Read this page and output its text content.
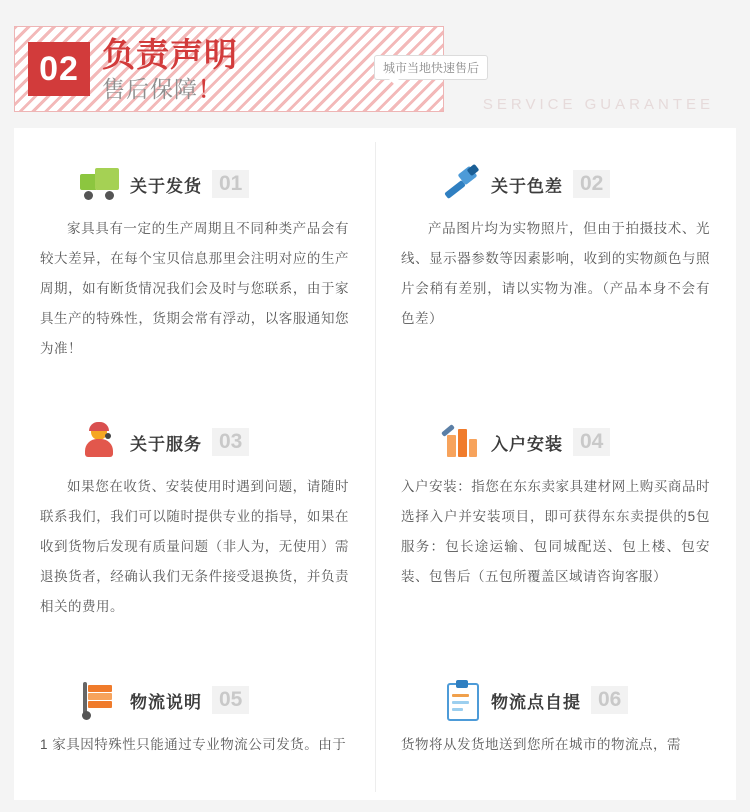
02 负责声明
售后保障！
城市当地快速售后
SERVICE GUARANTEE
关于发货 01
家具具有一定的生产周期且不同种类产品会有较大差异，在每个宝贝信息那里会注明对应的生产周期，如有断货情况我们会及时与您联系，由于家具生产的特殊性，货期会常有浮动，以客服通知您为准！
关于色差 02
产品图片均为实物照片，但由于拍摄技术、光线、显示器参数等因素影响，收到的实物颜色与照片会稍有差别，请以实物为准。（产品本身不会有色差）
关于服务 03
如果您在收货、安装使用时遇到问题，请随时联系我们，我们可以随时提供专业的指导，如果在收到货物后发现有质量问题（非人为，无使用）需退换货者，经确认我们无条件接受退换货，并负责相关的费用。
入户安装 04
入户安装：指您在东东卖家具建材网上购买商品时选择入户并安装项目，即可获得东东卖提供的5包服务：包长途运输、包同城配送、包上楼、包安装、包售后（五包所覆盖区域请咨询客服）
物流说明 05
1 家具因特殊性只能通过专业物流公司发货。由于
物流点自提 06
货物将从发货地送到您所在城市的物流点，需
